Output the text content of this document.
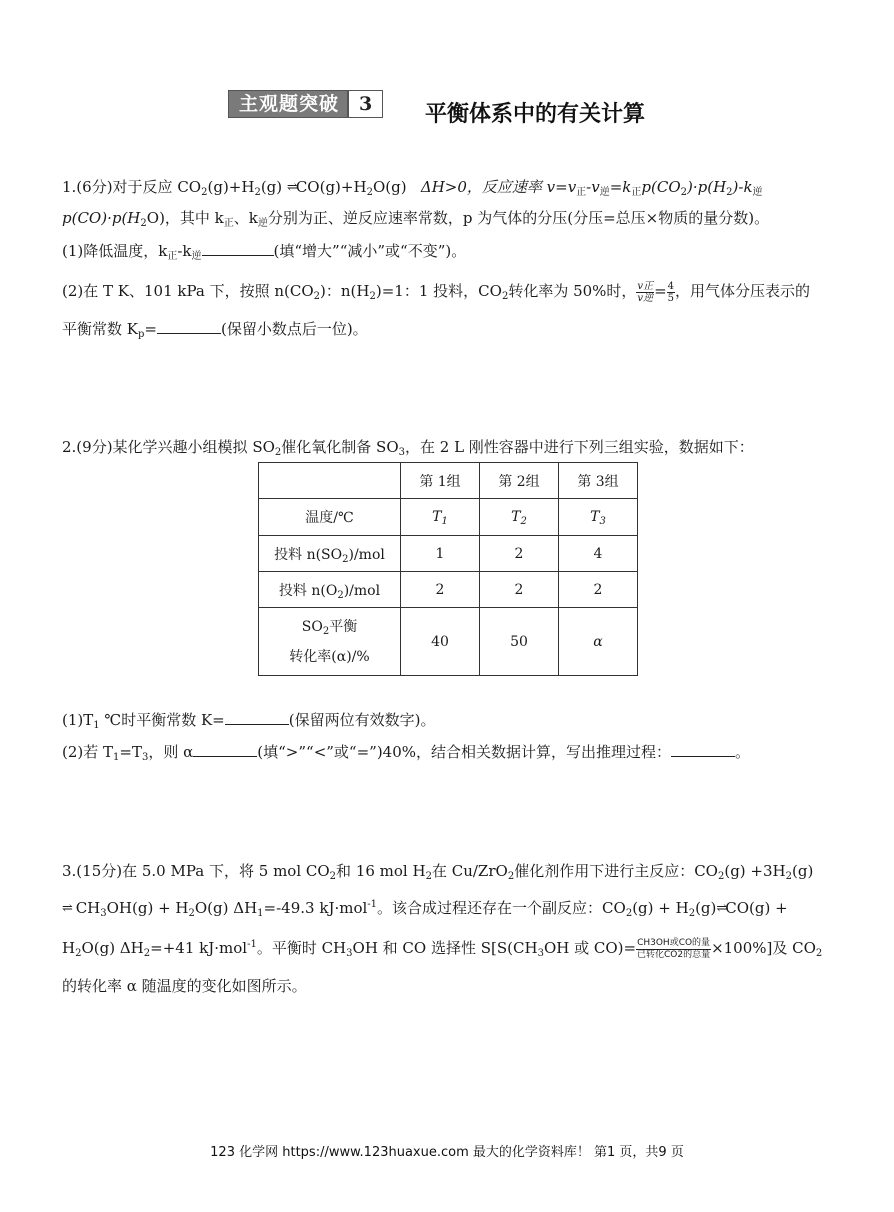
主观题突破	3	平衡体系中的有关计算
1.(6分)对于反应 $CO_2(g)+H_2(g)$ $\rightleftharpoons CO(g)+H_2O(g)$ ΔH>0，反应速率 $v=v_正-v_逆=k_正p(CO_2)\cdot p(H_2)-k_逆$
$p(CO)\cdot p(H_2O)$，其中 $k_正$、$k_逆$分别为正、逆反应速率常数，p 为气体的分压(分压=总压×物质的量分数)。
(1)降低温度，$k_正-k_逆$	(填“增大”“减小”或“不变”)。
(2)在 T K、101 kPa 下，按照 $n(CO_2)$：$n(H_2)=1$：1 投料，$CO_2$转化率为 50%时， $\frac{\text{v正}}{\text{v逆}} = \frac{4}{5}$ ，用气体分压表示的
平衡常数 $K_p=$	(保留小数点后一位)。
2.(9分)某化学兴趣小组模拟 $SO_2$催化氧化制备 $SO_3$，在 2 L 刚性容器中进行下列三组实验，数据如下：
	第 1组	第 2组	第 3组
温度/℃	$T_1$	$T_2$	$T_3$
投料 $n(SO_2)$/mol	1	2	4
投料 $n(O_2)$/mol	2	2	2
$SO_2$平衡
转化率(α)/%	40	50	α
$(1)T_1$ ℃时平衡常数 K=	(保留两位有效数字)。
(2)若 $T_1=T_3$，则 α	(填“>”“<”或“=”)40%，结合相关数据计算，写出推理过程：	。
3.(15分)在 5.0 MPa 下，将 5 mol $CO_2$和 16 mol $H_2$在 Cu/ZrO$_2$催化剂作用下进行主反应：$CO_2(g) +3H_2(g)$
⇌ $CH_3OH(g) + H_2O(g)$ $\Delta H_1=-49.3$ kJ·mol$^{-1}$。该合成过程还存在一个副反应：$CO_2(g)$ + $H_2(g)\rightleftharpoons CO(g)$ +
$H_2O(g)$ $\Delta H_2=+41$ kJ·mol$^{-1}$。平衡时 $CH_3OH$ 和 CO 选择性 $S[S(CH_3OH$ 或 $CO)= \frac{\text{CH3OH或CO的量}}{\text{已转化CO2的总量}} \times 100\%$]及 $CO_2$
的转化率 α 随温度的变化如图所示。
123 化学网 https://www.123huaxue.com 最大的化学资料库！ 第1 页，共9 页
